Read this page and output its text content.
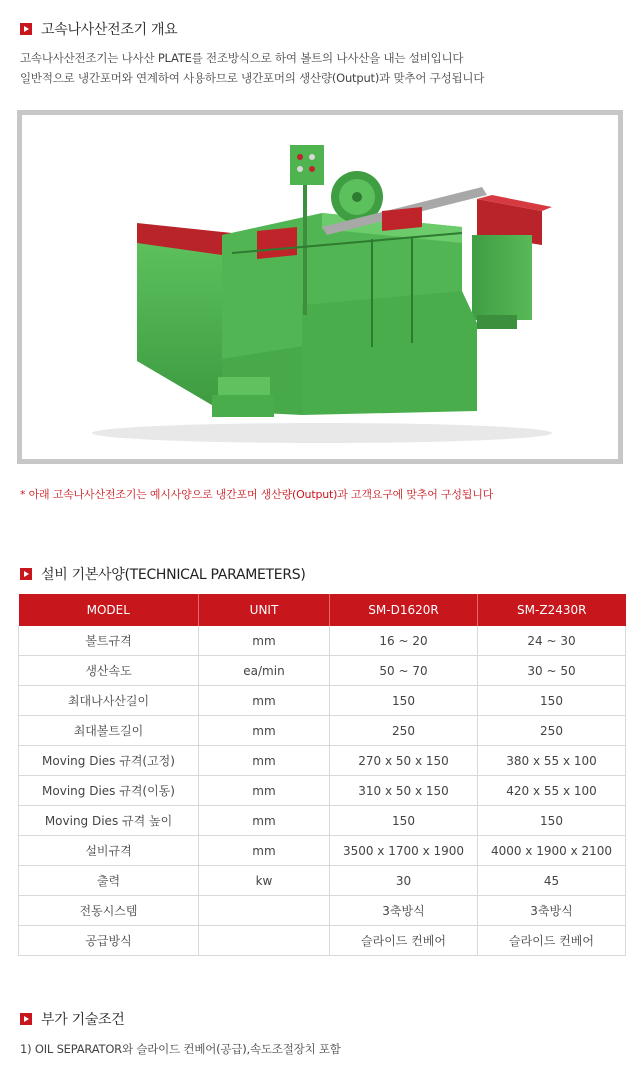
고속나사산전조기 개요
고속나사산전조기는 나사산 PLATE를 전조방식으로 하여 볼트의 나사산을 내는 설비입니다
일반적으로 냉간포머와 연계하여 사용하므로 냉간포머의 생산량(Output)과 맞추어 구성됩니다
* 아래 고속나사산전조기는 예시사양으로 냉간포머 생산량(Output)과 고객요구에 맞추어 구성됩니다
설비 기본사양(TECHNICAL PARAMETERS)
MODEL	UNIT	SM-D1620R	SM-Z2430R
볼트규격	mm	16 ~ 20	24 ~ 30
생산속도	ea/min	50 ~ 70	30 ~ 50
최대나사산길이	mm	150	150
최대볼트길이	mm	250	250
Moving Dies 규격(고정)	mm	270 x 50 x 150	380 x 55 x 100
Moving Dies 규격(이동)	mm	310 x 50 x 150	420 x 55 x 100
Moving Dies 규격 높이	mm	150	150
설비규격	mm	3500 x 1700 x 1900	4000 x 1900 x 2100
출력	kw	30	45
전동시스템		3축방식	3축방식
공급방식		슬라이드 컨베어	슬라이드 컨베어
부가 기술조건
1) OIL SEPARATOR와 슬라이드 컨베어(공급),속도조절장치 포함
